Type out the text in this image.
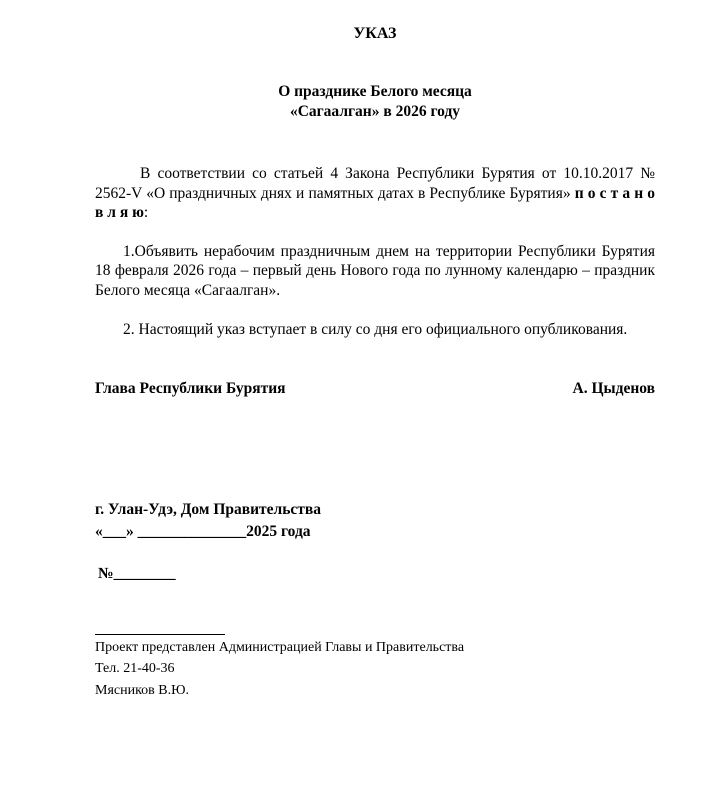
УКАЗ
О празднике Белого месяца
«Сагаалган» в 2026 году

В соответствии со статьей 4 Закона Республики Бурятия от 10.10.2017 № 2562-V «О праздничных днях и памятных датах в Республике Бурятия» п о с т а н о в л я ю:

1.Объявить нерабочим праздничным днем на территории Республики Бурятия 18 февраля 2026 года – первый день Нового года по лунному календарю – праздник Белого месяца «Сагаалган».

2. Настоящий указ вступает в силу со дня его официального опубликования.

Глава Республики Бурятия	А. Цыденов
г. Улан-Удэ, Дом Правительства
«___» ______________2025 года
№________
Проект представлен Администрацией Главы и Правительства
Тел. 21-40-36
Мясников В.Ю.
